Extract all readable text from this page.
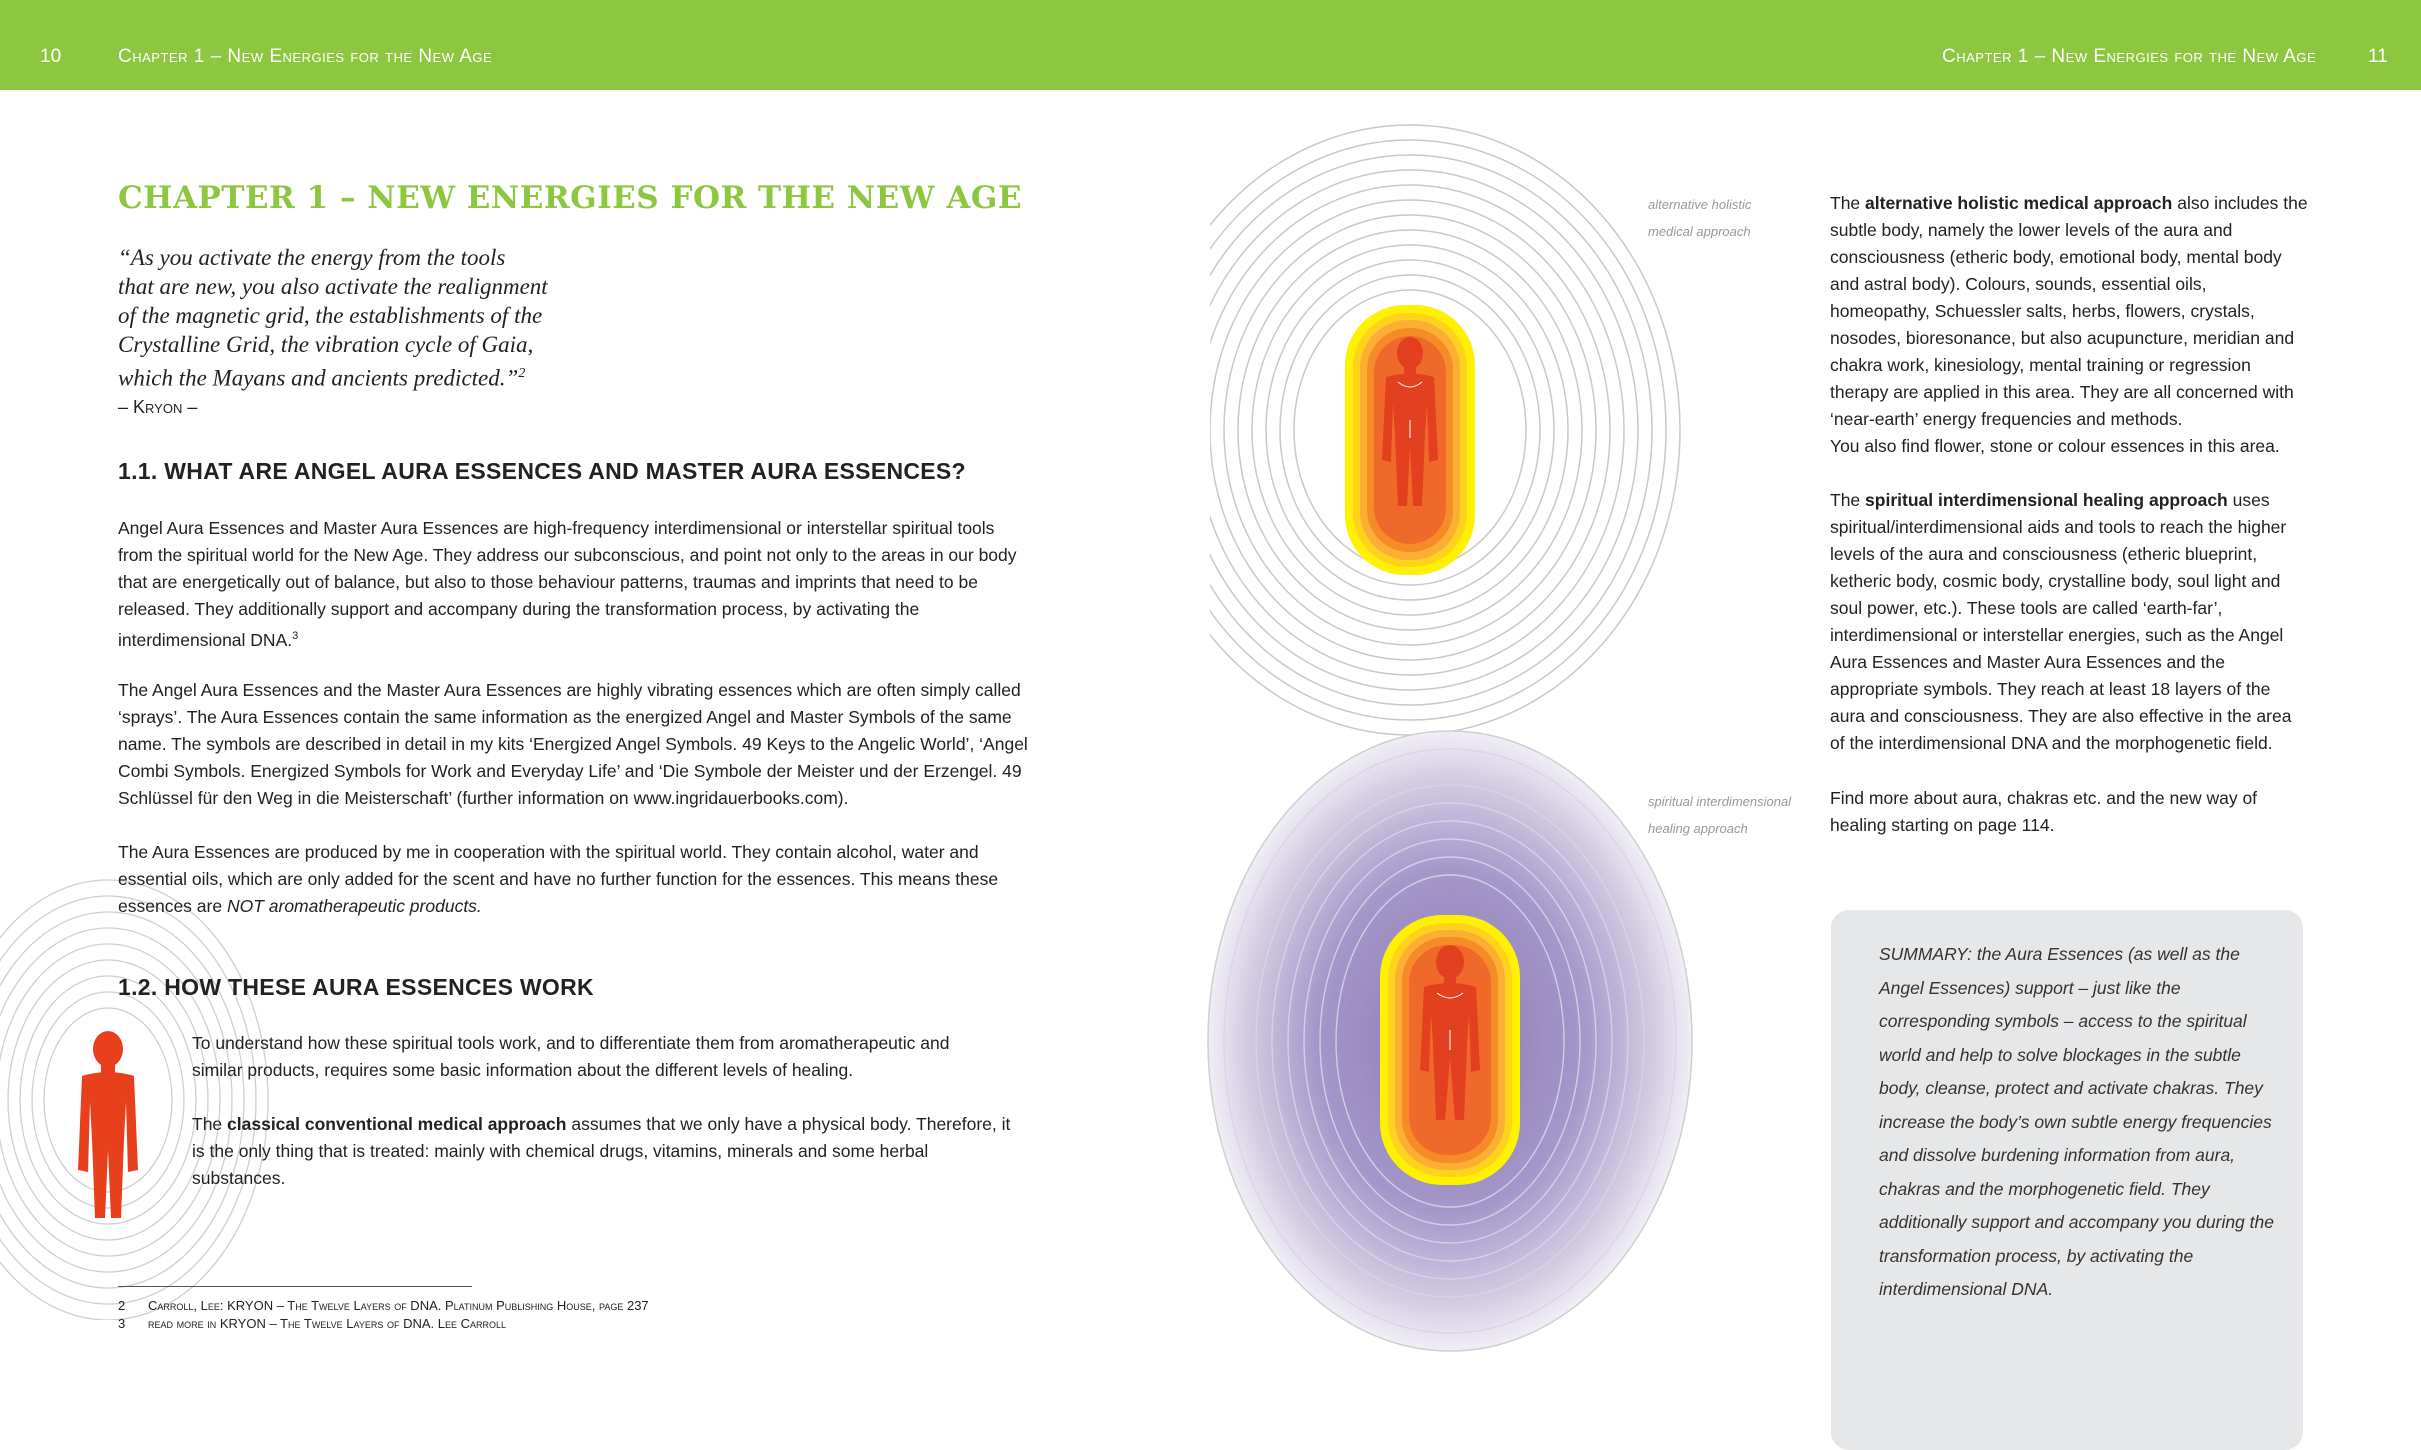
10	Chapter 1 – New Energies for the New Age	Chapter 1 – New Energies for the New Age	11
CHAPTER 1 – NEW ENERGIES FOR THE NEW AGE
“As you activate the energy from the tools
that are new, you also activate the realignment
of the magnetic grid, the establishments of the
Crystalline Grid, the vibration cycle of Gaia,
which the Mayans and ancients predicted.”$^2$
– Kryon –
1.1. WHAT ARE ANGEL AURA ESSENCES AND MASTER AURA ESSENCES?
Angel Aura Essences and Master Aura Essences are high-frequency interdimensional or interstellar spiritual tools from the spiritual world for the New Age. They address our subconscious, and point not only to the areas in our body that are energetically out of balance, but also to those behaviour patterns, traumas and imprints that need to be released. They additionally support and accompany during the transformation process, by activating the interdimensional DNA.$^3$
The Angel Aura Essences and the Master Aura Essences are highly vibrating essences which are often simply called ‘sprays’. The Aura Essences contain the same information as the energized Angel and Master Symbols of the same name. The symbols are described in detail in my kits ‘Energized Angel Symbols. 49 Keys to the Angelic World’, ‘Angel Combi Symbols. Energized Symbols for Work and Everyday Life’ and ‘Die Symbole der Meister und der Erzengel. 49 Schlüssel für den Weg in die Meisterschaft’ (further information on www.ingridauerbooks.com).
The Aura Essences are produced by me in cooperation with the spiritual world. They contain alcohol, water and essential oils, which are only added for the scent and have no further function for the essences. This means these essences are NOT aromatherapeutic products.
1.2. HOW THESE AURA ESSENCES WORK
To understand how these spiritual tools work, and to differentiate them from aromatherapeutic and similar products, requires some basic information about the different levels of healing.
The classical conventional medical approach assumes that we only have a physical body. Therefore, it is the only thing that is treated: mainly with chemical drugs, vitamins, minerals and some herbal substances.
2 Carroll, Lee: KRYON – The Twelve Layers of DNA. Platinum Publishing House, page 237
3 read more in KRYON – The Twelve Layers of DNA. Lee Carroll
alternative holistic
medical approach
spiritual interdimensional
healing approach
The alternative holistic medical approach also includes the subtle body, namely the lower levels of the aura and consciousness (etheric body, emotional body, mental body and astral body). Colours, sounds, essential oils, homeopathy, Schuessler salts, herbs, flowers, crystals, nosodes, bioresonance, but also acupuncture, meridian and chakra work, kinesiology, mental training or regression therapy are applied in this area. They are all concerned with ‘near-earth’ energy frequencies and methods.
You also find flower, stone or colour essences in this area.
The spiritual interdimensional healing approach uses spiritual/interdimensional aids and tools to reach the higher levels of the aura and consciousness (etheric blueprint, ketheric body, cosmic body, crystalline body, soul light and soul power, etc.). These tools are called ‘earth-far’, interdimensional or interstellar energies, such as the Angel Aura Essences and Master Aura Essences and the appropriate symbols. They reach at least 18 layers of the aura and consciousness. They are also effective in the area of the interdimensional DNA and the morphogenetic field.
Find more about aura, chakras etc. and the new way of healing starting on page 114.
SUMMARY: the Aura Essences (as well as the Angel Essences) support – just like the corresponding symbols – access to the spiritual world and help to solve blockages in the subtle body, cleanse, protect and activate chakras. They increase the body’s own subtle energy frequencies and dissolve burdening information from aura, chakras and the morphogenetic field. They additionally support and accompany you during the transformation process, by activating the interdimensional DNA.
